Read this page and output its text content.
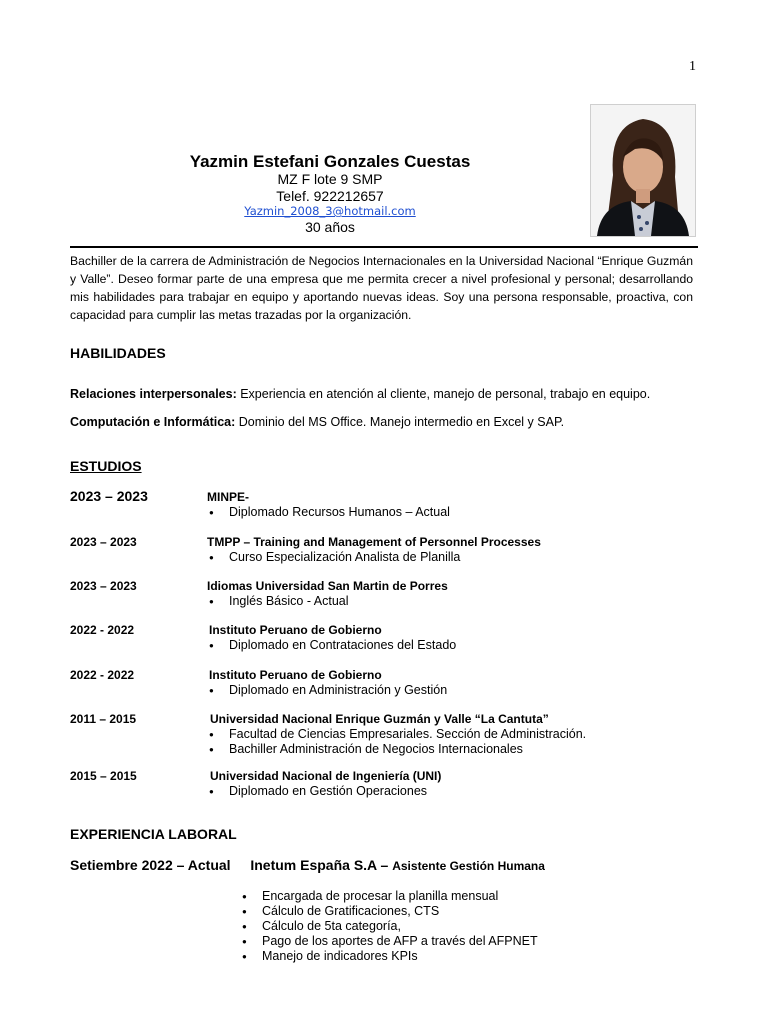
1
Yazmin Estefani Gonzales Cuestas
MZ F lote 9 SMP
Telef. 922212657
Yazmin_2008_3@hotmail.com
30 años
Bachiller de la carrera de Administración de Negocios Internacionales en la Universidad Nacional “Enrique Guzmán y Valle”. Deseo formar parte de una empresa que me permita crecer a nivel profesional y personal; desarrollando mis habilidades para trabajar en equipo y aportando nuevas ideas. Soy una persona responsable, proactiva, con capacidad para cumplir las metas trazadas por la organización.
HABILIDADES
Relaciones interpersonales: Experiencia en atención al cliente, manejo de personal, trabajo en equipo.
Computación e Informática: Dominio del MS Office. Manejo intermedio en Excel y SAP.
ESTUDIOS
2023 – 2023	MINPE-
● Diplomado Recursos Humanos – Actual
2023 – 2023	TMPP – Training and Management of Personnel Processes
● Curso Especialización Analista de Planilla
2023 – 2023	Idiomas Universidad San Martin de Porres
● Inglés Básico - Actual
2022 - 2022	Instituto Peruano de Gobierno
● Diplomado en Contrataciones del Estado
2022 - 2022	Instituto Peruano de Gobierno
● Diplomado en Administración y Gestión
2011 – 2015	Universidad Nacional Enrique Guzmán y Valle “La Cantuta”
● Facultad de Ciencias Empresariales. Sección de Administración.
● Bachiller Administración de Negocios Internacionales
2015 – 2015	Universidad Nacional de Ingeniería (UNI)
● Diplomado en Gestión Operaciones
EXPERIENCIA LABORAL
Setiembre 2022 – Actual Inetum España S.A – Asistente Gestión Humana
● Encargada de procesar la planilla mensual
● Cálculo de Gratificaciones, CTS
● Cálculo de 5ta categoría,
● Pago de los aportes de AFP a través del AFPNET
● Manejo de indicadores KPIs
